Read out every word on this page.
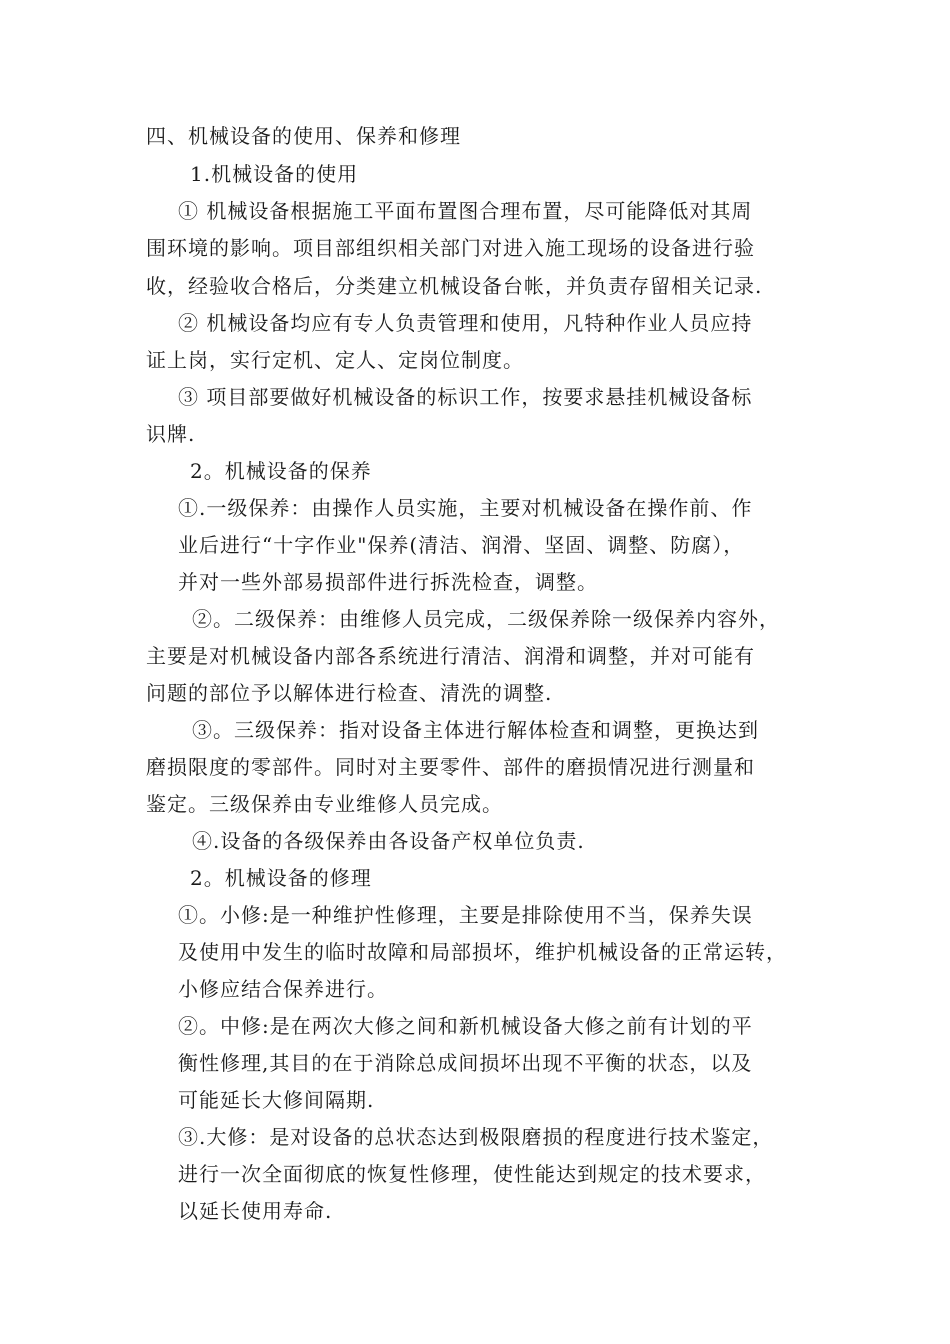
四、机械设备的使用、保养和修理
1.机械设备的使用
① 机械设备根据施工平面布置图合理布置，尽可能降低对其周
围环境的影响。项目部组织相关部门对进入施工现场的设备进行验
收，经验收合格后，分类建立机械设备台帐，并负责存留相关记录.
② 机械设备均应有专人负责管理和使用，凡特种作业人员应持
证上岗，实行定机、定人、定岗位制度。
③ 项目部要做好机械设备的标识工作，按要求悬挂机械设备标
识牌.
2。机械设备的保养
①.一级保养：由操作人员实施，主要对机械设备在操作前、作
业后进行“十字作业"保养(清洁、润滑、坚固、调整、防腐），
并对一些外部易损部件进行拆洗检查，调整。
②。二级保养：由维修人员完成，二级保养除一级保养内容外，
主要是对机械设备内部各系统进行清洁、润滑和调整，并对可能有
问题的部位予以解体进行检查、清洗的调整.
③。三级保养：指对设备主体进行解体检查和调整，更换达到
磨损限度的零部件。同时对主要零件、部件的磨损情况进行测量和
鉴定。三级保养由专业维修人员完成。
④.设备的各级保养由各设备产权单位负责.
2。机械设备的修理
①。小修:是一种维护性修理，主要是排除使用不当，保养失误
及使用中发生的临时故障和局部损坏，维护机械设备的正常运转，
小修应结合保养进行。
②。中修:是在两次大修之间和新机械设备大修之前有计划的平
衡性修理,其目的在于消除总成间损坏出现不平衡的状态，以及
可能延长大修间隔期.
③.大修：是对设备的总状态达到极限磨损的程度进行技术鉴定，
进行一次全面彻底的恢复性修理，使性能达到规定的技术要求，
以延长使用寿命.
